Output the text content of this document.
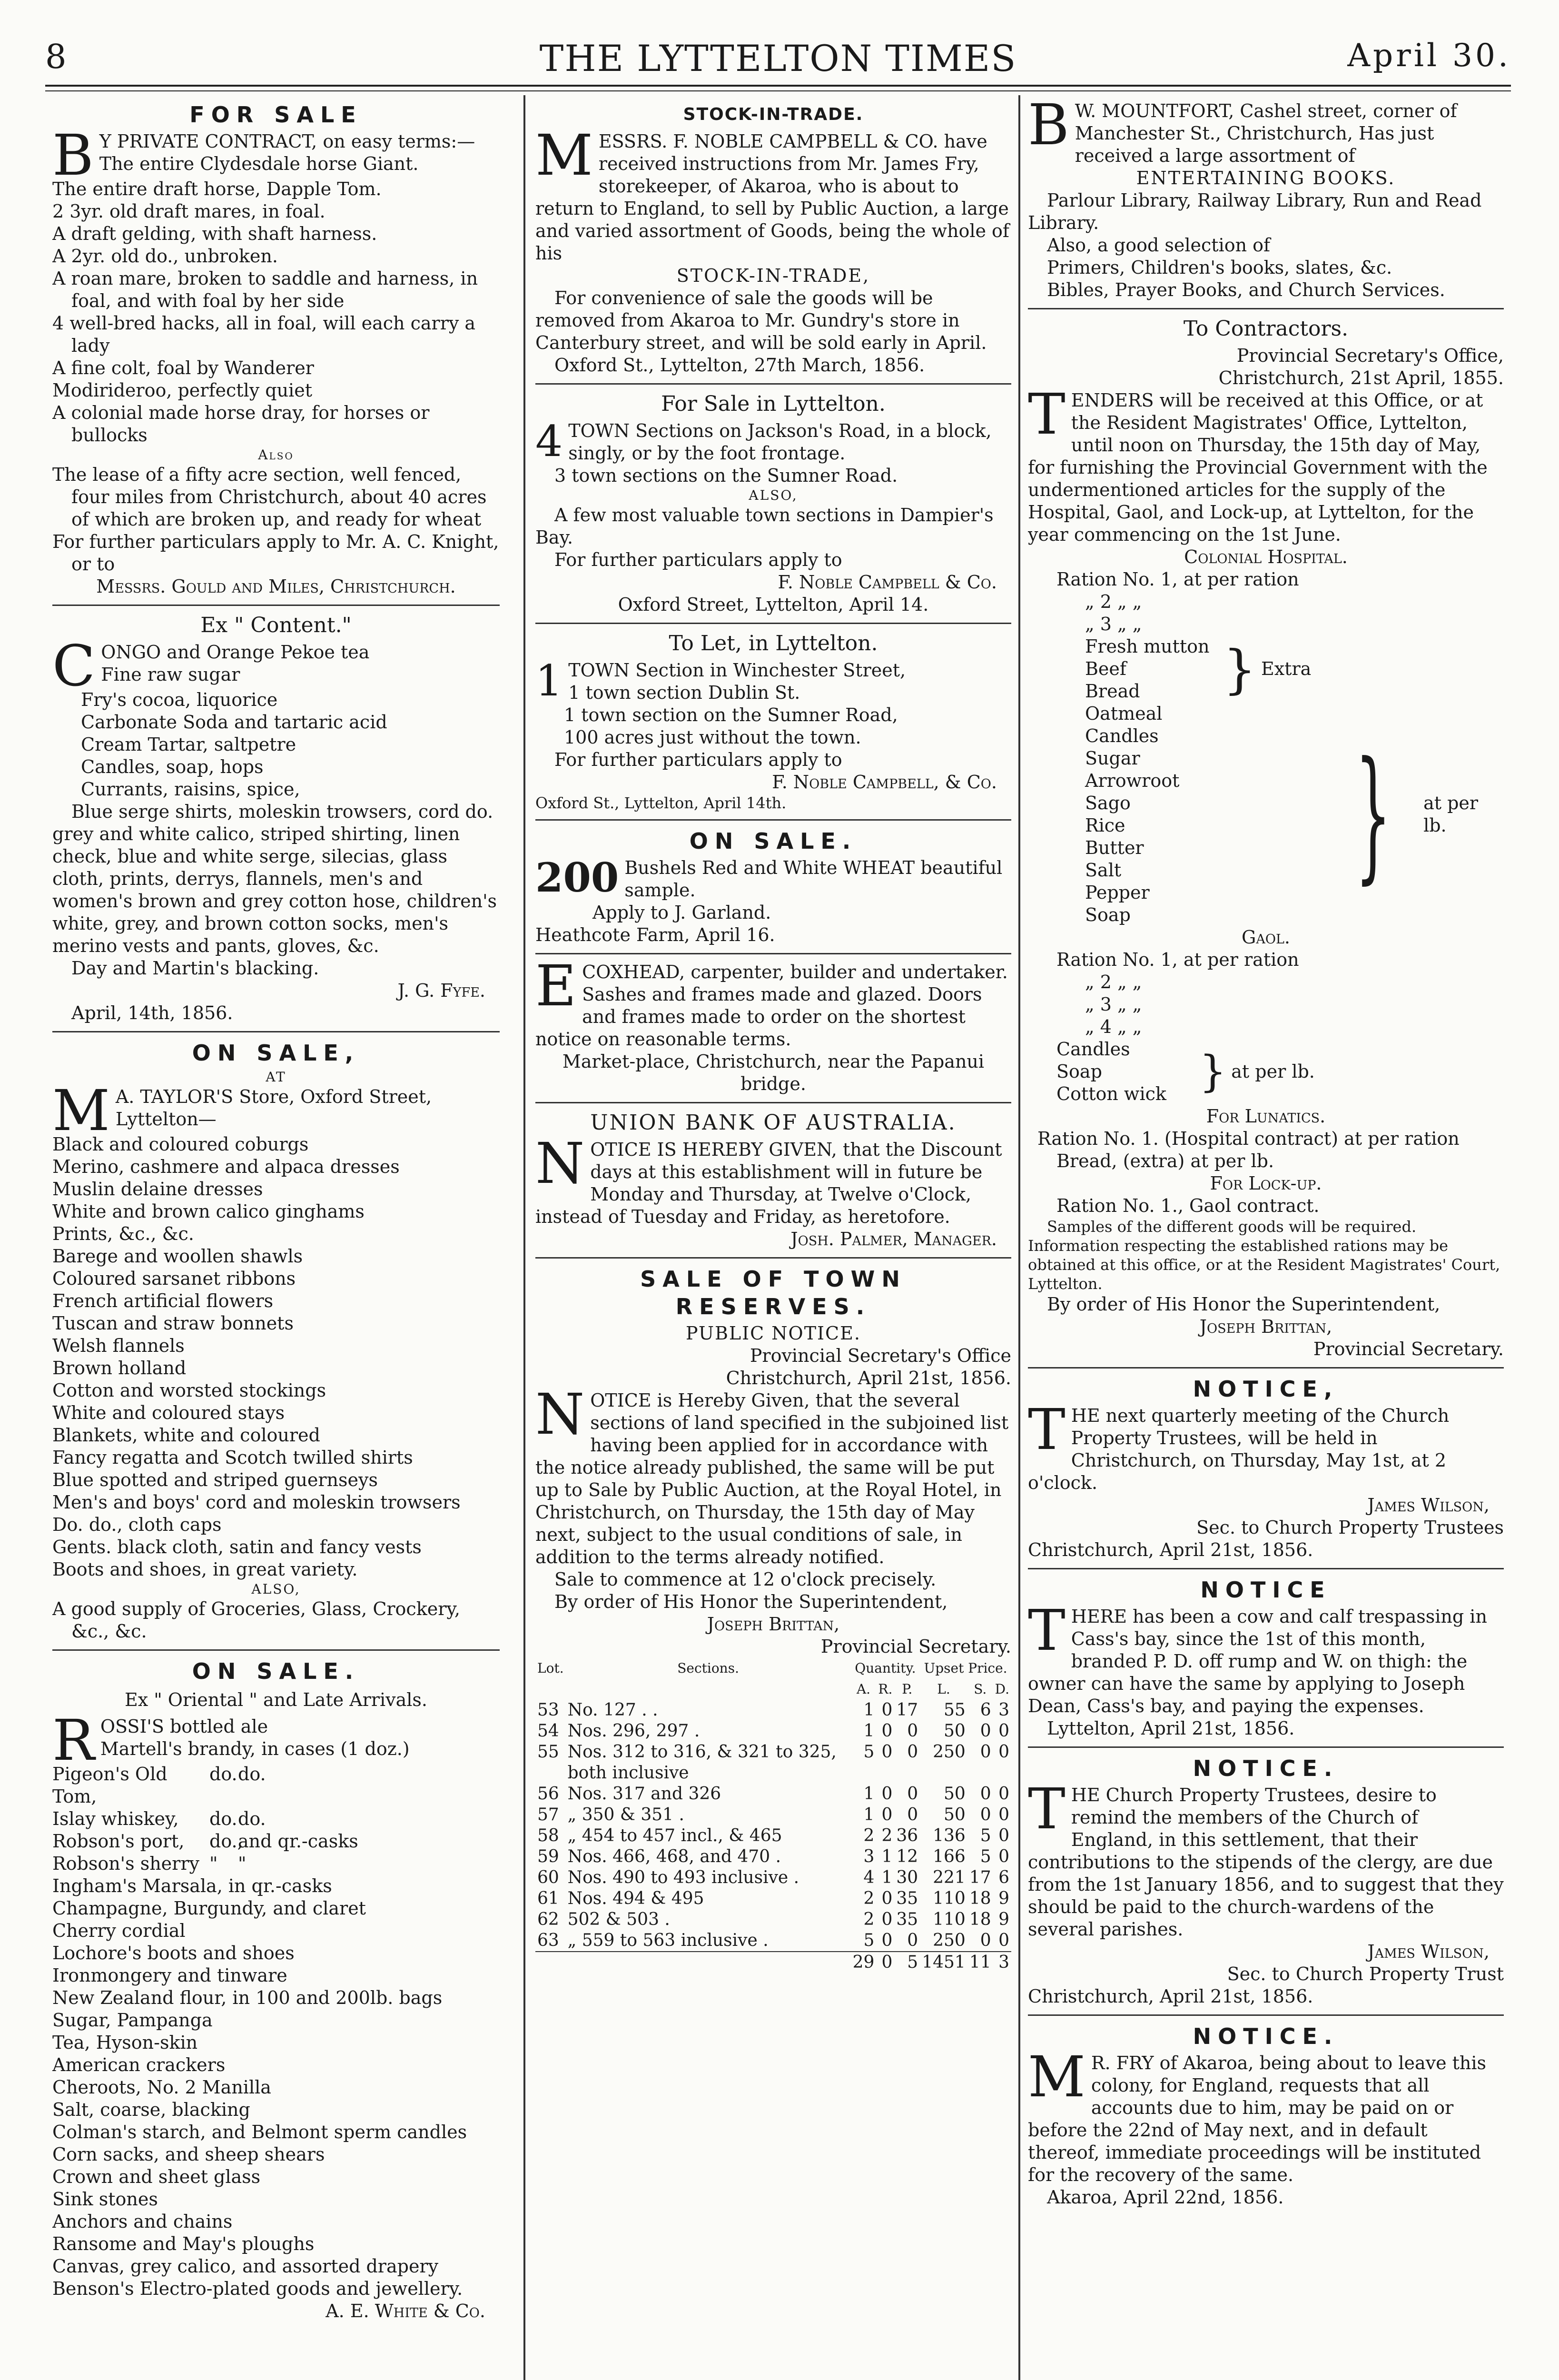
8	THE LYTTELTON TIMES	April 30.
FOR SALE

B Y PRIVATE CONTRACT, on easy terms:—The entire Clydesdale horse Giant.

The entire draft horse, Dapple Tom.
2 3yr. old draft mares, in foal.
A draft gelding, with shaft harness.
A 2yr. old do., unbroken.
A roan mare, broken to saddle and harness, in foal, and with foal by her side
4 well-bred hacks, all in foal, will each carry a lady
A fine colt, foal by Wanderer
Modirideroo, perfectly quiet
A colonial made horse dray, for horses or bullocks
Also
The lease of a fifty acre section, well fenced, four miles from Christchurch, about 40 acres of which are broken up, and ready for wheat
For further particulars apply to Mr. A. C. Knight, or to
Messrs. Gould and Miles, Christchurch.
Ex " Content."

CONGO and Orange Pekoe tea

Fine raw sugar
Fry's cocoa, liquorice
Carbonate Soda and tartaric acid
Cream Tartar, saltpetre
Candles, soap, hops
Currants, raisins, spice,
Blue serge shirts, moleskin trowsers, cord do. grey and white calico, striped shirting, linen check, blue and white serge, silecias, glass cloth, prints, derrys, flannels, men's and women's brown and grey cotton hose, children's white, grey, and brown cotton socks, men's merino vests and pants, gloves, &c.
Day and Martin's blacking.
J. G. Fyfe.
April, 14th, 1856.
ON SALE,
AT

M A. TAYLOR'S Store, Oxford Street, Lyttelton—

Black and coloured coburgs
Merino, cashmere and alpaca dresses
Muslin delaine dresses
White and brown calico ginghams
Prints, &c., &c.
Barege and woollen shawls
Coloured sarsanet ribbons
French artificial flowers
Tuscan and straw bonnets
Welsh flannels
Brown holland
Cotton and worsted stockings
White and coloured stays
Blankets, white and coloured
Fancy regatta and Scotch twilled shirts
Blue spotted and striped guernseys
Men's and boys' cord and moleskin trowsers
Do. do., cloth caps
Gents. black cloth, satin and fancy vests
Boots and shoes, in great variety.
ALSO,
A good supply of Groceries, Glass, Crockery, &c., &c.
ON SALE.
Ex " Oriental " and Late Arrivals.

ROSSI'S bottled ale

Martell's brandy, in cases (1 doz.)
Pigeon's Old Tom,
do. do.
Islay whiskey,	do. do.
Robson's port,	do.,
and qr.-casks
Robson's sherry "	"
Ingham's Marsala, in qr.-casks
Champagne, Burgundy, and claret
Cherry cordial
Lochore's boots and shoes
Ironmongery and tinware
New Zealand flour, in 100 and 200lb. bags
Sugar, Pampanga
Tea, Hyson-skin
American crackers
Cheroots, No. 2 Manilla
Salt, coarse, blacking
Colman's starch, and Belmont sperm candles
Corn sacks, and sheep shears
Crown and sheet glass
Sink stones
Anchors and chains
Ransome and May's ploughs
Canvas, grey calico, and assorted drapery
Benson's Electro-plated goods and jewellery.
A. E. White & Co.
STOCK-IN-TRADE.

MESSRS. F. NOBLE CAMPBELL & CO. have received instructions from Mr. James Fry, storekeeper, of Akaroa, who is about to return to England, to sell by Public Auction, a large and varied assortment of Goods, being the whole of his

STOCK-IN-TRADE,
For convenience of sale the goods will be removed from Akaroa to Mr. Gundry's store in Canterbury street, and will be sold early in April.
Oxford St., Lyttelton, 27th March, 1856.
For Sale in Lyttelton.

4 TOWN Sections on Jackson's Road, in a block, singly, or by the foot frontage.

3 town sections on the Sumner Road.
ALSO,
A few most valuable town sections in Dampier's Bay.
For further particulars apply to
F. Noble Campbell & Co.
Oxford Street, Lyttelton, April 14.
To Let, in Lyttelton.

1 TOWN Section in Winchester Street,

1 town section Dublin St.
1 town section on the Sumner Road,
100 acres just without the town.
For further particulars apply to
F. Noble Campbell, & Co.
Oxford St., Lyttelton, April 14th.
ON SALE.

200 Bushels Red and White WHEAT beautiful sample.

Apply to J. Garland.
Heathcote Farm, April 16.

ECOXHEAD, carpenter, builder and undertaker. Sashes and frames made and glazed. Doors and frames made to order on the shortest notice on reasonable terms.

Market-place, Christchurch, near the Papanui bridge.
UNION BANK OF AUSTRALIA.

NOTICE IS HEREBY GIVEN, that the Discount days at this establishment will in future be Monday and Thursday, at Twelve o'Clock, instead of Tuesday and Friday, as heretofore.

Josh. Palmer, Manager.
SALE OF TOWN RESERVES.
PUBLIC NOTICE.
Provincial Secretary's Office
Christchurch, April 21st, 1856.

NOTICE is Hereby Given, that the several sections of land specified in the subjoined list having been applied for in accordance with the notice already published, the same will be put up to Sale by Public Auction, at the Royal Hotel, in Christchurch, on Thursday, the 15th day of May next, subject to the usual conditions of sale, in addition to the terms already notified.

Sale to commence at 12 o'clock precisely.
By order of His Honor the Superintendent,
Joseph Brittan,
Provincial Secretary.
Lot.	Sections.	Quantity.			Upset Price.		
		A.	R.	P.	L.	S.	D.
53	No. 127 . .	1	0	17	55	6	3
54	Nos. 296, 297 .	1	0	0	50	0	0
55	Nos. 312 to 316, & 321 to 325, both inclusive	5	0	0	250	0	0
56	Nos. 317 and 326	1	0	0	50	0	0
57	„ 350 & 351 .	1	0	0	50	0	0
58	„ 454 to 457 incl., & 465	2	2	36	136	5	0
59	Nos. 466, 468, and 470 .	3	1	12	166	5	0
60	Nos. 490 to 493 inclusive .	4	1	30	221	17	6
61	Nos. 494 & 495	2	0	35	110	18	9
62	502 & 503 .	2	0	35	110	18	9
63	„ 559 to 563 inclusive .	5	0	0	250	0	0
		29	0	5	1451	11	3

B W. MOUNTFORT, Cashel street, corner of Manchester St., Christchurch, Has just received a large assortment of

ENTERTAINING BOOKS.
Parlour Library, Railway Library, Run and Read Library.
Also, a good selection of
Primers, Children's books, slates, &c.
Bibles, Prayer Books, and Church Services.
To Contractors.
Provincial Secretary's Office,
Christchurch, 21st April, 1855.

TENDERS will be received at this Office, or at the Resident Magistrates' Office, Lyttelton, until noon on Thursday, the 15th day of May, for furnishing the Provincial Government with the undermentioned articles for the supply of the Hospital, Gaol, and Lock-up, at Lyttelton, for the year commencing on the 1st June.

Colonial Hospital.
Ration No. 1, at per ration
„ 2 „ „
„ 3 „ „
Fresh mutton
Beef
Bread	} Extra
Oatmeal
Candles
Sugar
Arrowroot
Sago
Rice
Butter
Salt
Pepper
Soap
} at per lb.
Gaol.
Ration No. 1, at per ration
„ 2 „ „
„ 3 „ „
„ 4 „ „
Candles
Soap
Cotton wick } at per lb.
For Lunatics.
Ration No. 1. (Hospital contract) at per ration
Bread, (extra) at per lb.
For Lock-up.
Ration No. 1., Gaol contract.
Samples of the different goods will be required. Information respecting the established rations may be obtained at this office, or at the Resident Magistrates' Court, Lyttelton.
By order of His Honor the Superintendent,
Joseph Brittan,
Provincial Secretary.
NOTICE,

THE next quarterly meeting of the Church Property Trustees, will be held in Christchurch, on Thursday, May 1st, at 2 o'clock.

James Wilson,
Sec. to Church Property Trustees
Christchurch, April 21st, 1856.
NOTICE

THERE has been a cow and calf trespassing in Cass's bay, since the 1st of this month, branded P. D. off rump and W. on thigh: the owner can have the same by applying to Joseph Dean, Cass's bay, and paying the expenses.

Lyttelton, April 21st, 1856.
NOTICE.

THE Church Property Trustees, desire to remind the members of the Church of England, in this settlement, that their contributions to the stipends of the clergy, are due from the 1st January 1856, and to suggest that they should be paid to the church-wardens of the several parishes.

James Wilson,
Sec. to Church Property Trust
Christchurch, April 21st, 1856.
NOTICE.

M R. FRY of Akaroa, being about to leave this colony, for England, requests that all accounts due to him, may be paid on or before the 22nd of May next, and in default thereof, immediate proceedings will be instituted for the recovery of the same.

Akaroa, April 22nd, 1856.
